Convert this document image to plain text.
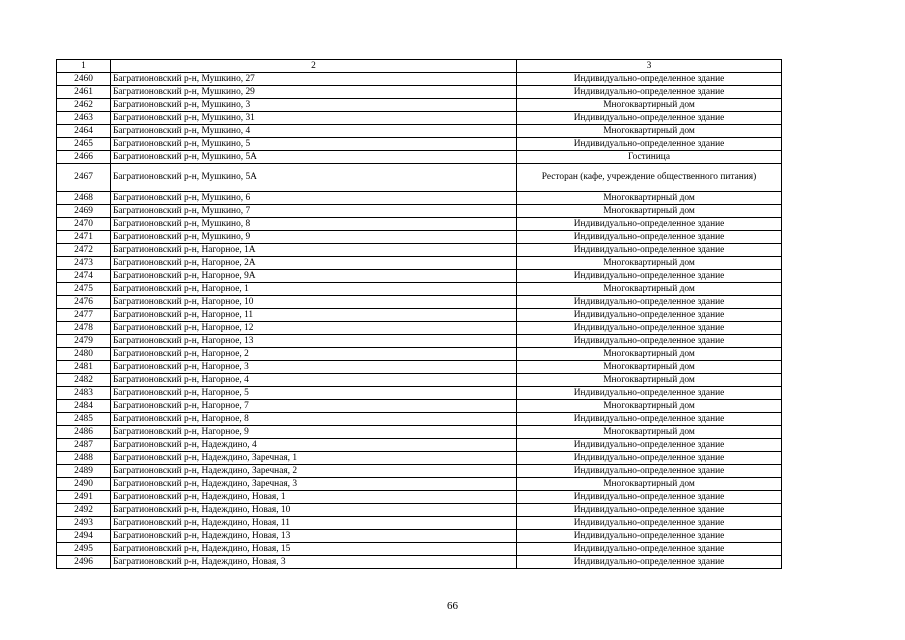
1	2	3
2460	Багратионовский р-н, Мушкино, 27	Индивидуально-определенное здание
2461	Багратионовский р-н, Мушкино, 29	Индивидуально-определенное здание
2462	Багратионовский р-н, Мушкино, 3	Многоквартирный дом
2463	Багратионовский р-н, Мушкино, 31	Индивидуально-определенное здание
2464	Багратионовский р-н, Мушкино, 4	Многоквартирный дом
2465	Багратионовский р-н, Мушкино, 5	Индивидуально-определенное здание
2466	Багратионовский р-н, Мушкино, 5А	Гостиница
2467	Багратионовский р-н, Мушкино, 5А	Ресторан (кафе, учреждение общественного питания)
2468	Багратионовский р-н, Мушкино, 6	Многоквартирный дом
2469	Багратионовский р-н, Мушкино, 7	Многоквартирный дом
2470	Багратионовский р-н, Мушкино, 8	Индивидуально-определенное здание
2471	Багратионовский р-н, Мушкино, 9	Индивидуально-определенное здание
2472	Багратионовский р-н, Нагорное, 1А	Индивидуально-определенное здание
2473	Багратионовский р-н, Нагорное, 2А	Многоквартирный дом
2474	Багратионовский р-н, Нагорное, 9А	Индивидуально-определенное здание
2475	Багратионовский р-н, Нагорное, 1	Многоквартирный дом
2476	Багратионовский р-н, Нагорное, 10	Индивидуально-определенное здание
2477	Багратионовский р-н, Нагорное, 11	Индивидуально-определенное здание
2478	Багратионовский р-н, Нагорное, 12	Индивидуально-определенное здание
2479	Багратионовский р-н, Нагорное, 13	Индивидуально-определенное здание
2480	Багратионовский р-н, Нагорное, 2	Многоквартирный дом
2481	Багратионовский р-н, Нагорное, 3	Многоквартирный дом
2482	Багратионовский р-н, Нагорное, 4	Многоквартирный дом
2483	Багратионовский р-н, Нагорное, 5	Индивидуально-определенное здание
2484	Багратионовский р-н, Нагорное, 7	Многоквартирный дом
2485	Багратионовский р-н, Нагорное, 8	Индивидуально-определенное здание
2486	Багратионовский р-н, Нагорное, 9	Многоквартирный дом
2487	Багратионовский р-н, Надеждино, 4	Индивидуально-определенное здание
2488	Багратионовский р-н, Надеждино, Заречная, 1	Индивидуально-определенное здание
2489	Багратионовский р-н, Надеждино, Заречная, 2	Индивидуально-определенное здание
2490	Багратионовский р-н, Надеждино, Заречная, 3	Многоквартирный дом
2491	Багратионовский р-н, Надеждино, Новая, 1	Индивидуально-определенное здание
2492	Багратионовский р-н, Надеждино, Новая, 10	Индивидуально-определенное здание
2493	Багратионовский р-н, Надеждино, Новая, 11	Индивидуально-определенное здание
2494	Багратионовский р-н, Надеждино, Новая, 13	Индивидуально-определенное здание
2495	Багратионовский р-н, Надеждино, Новая, 15	Индивидуально-определенное здание
2496	Багратионовский р-н, Надеждино, Новая, 3	Индивидуально-определенное здание
66
